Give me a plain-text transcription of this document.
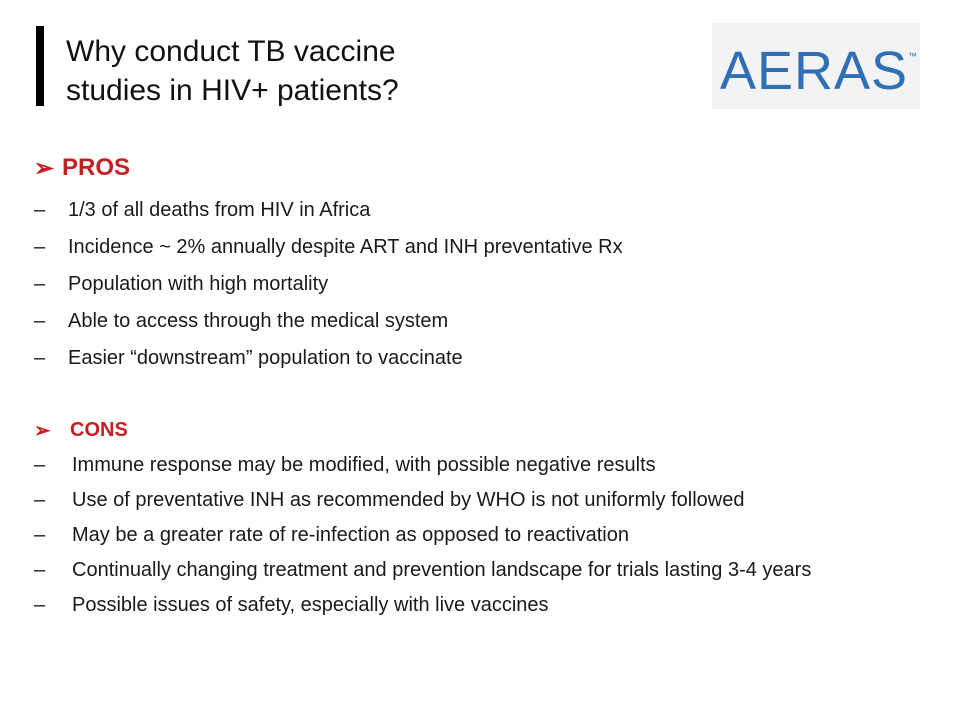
Why conduct TB vaccine
studies in HIV+ patients?	AERAS ™
➢ PROS
–	1/3 of all deaths from HIV in Africa
–	Incidence ~ 2% annually despite ART and INH preventative Rx
–	Population with high mortality
–	Able to access through the medical system
–	Easier “downstream” population to vaccinate
➢ CONS
–	Immune response may be modified, with possible negative results
–	Use of preventative INH as recommended by WHO is not uniformly followed
–	May be a greater rate of re-infection as opposed to reactivation
–	Continually changing treatment and prevention landscape for trials lasting 3-4 years
–	Possible issues of safety, especially with live vaccines
